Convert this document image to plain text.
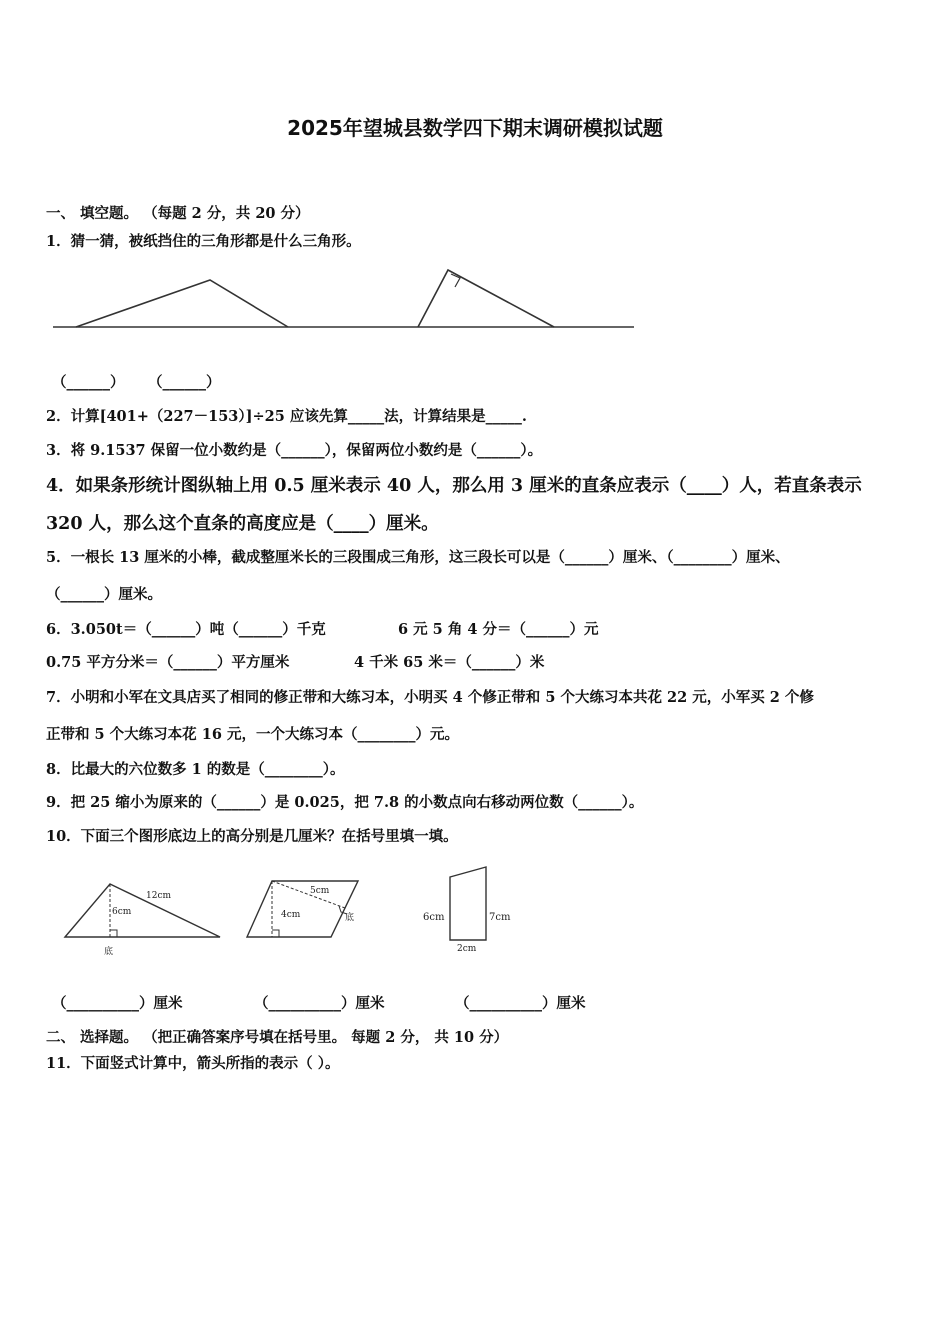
2025年望城县数学四下期末调研模拟试题
一、 填空题。 （每题 2 分，共 20 分）
1．猜一猜，被纸挡住的三角形都是什么三角形。
（______） （______）
2．计算[401+（227－153）]÷25 应该先算_____法，计算结果是_____.
3．将 9.1537 保留一位小数约是（______），保留两位小数约是（______）。
4．如果条形统计图纵轴上用 0.5 厘米表示 40 人，那么用 3 厘米的直条应表示（____）人，若直条表示
320 人，那么这个直条的高度应是（____）厘米。
5．一根长 13 厘米的小棒，截成整厘米长的三段围成三角形，这三段长可以是（______）厘米、（________）厘米、
（______）厘米。
6．3.050t＝（______）吨（______）千克	6 元 5 角 4 分＝（______）元
0.75 平方分米＝（______）平方厘米	4 千米 65 米＝（______）米
7．小明和小军在文具店买了相同的修正带和大练习本，小明买 4 个修正带和 5 个大练习本共花 22 元，小军买 2 个修
正带和 5 个大练习本花 16 元，一个大练习本（________）元。
8．比最大的六位数多 1 的数是（________）。
9．把 25 缩小为原来的（______）是 0.025，把 7.8 的小数点向右移动两位数（______）。
10．下面三个图形底边上的高分别是几厘米？在括号里填一填。
12cm
6cm
底
5cm
4cm	底	6cm	7cm
2cm
（__________）厘米	（__________）厘米	（__________）厘米
二、 选择题。 （把正确答案序号填在括号里。 每题 2 分， 共 10 分）
11．下面竖式计算中，箭头所指的表示（ ）。
